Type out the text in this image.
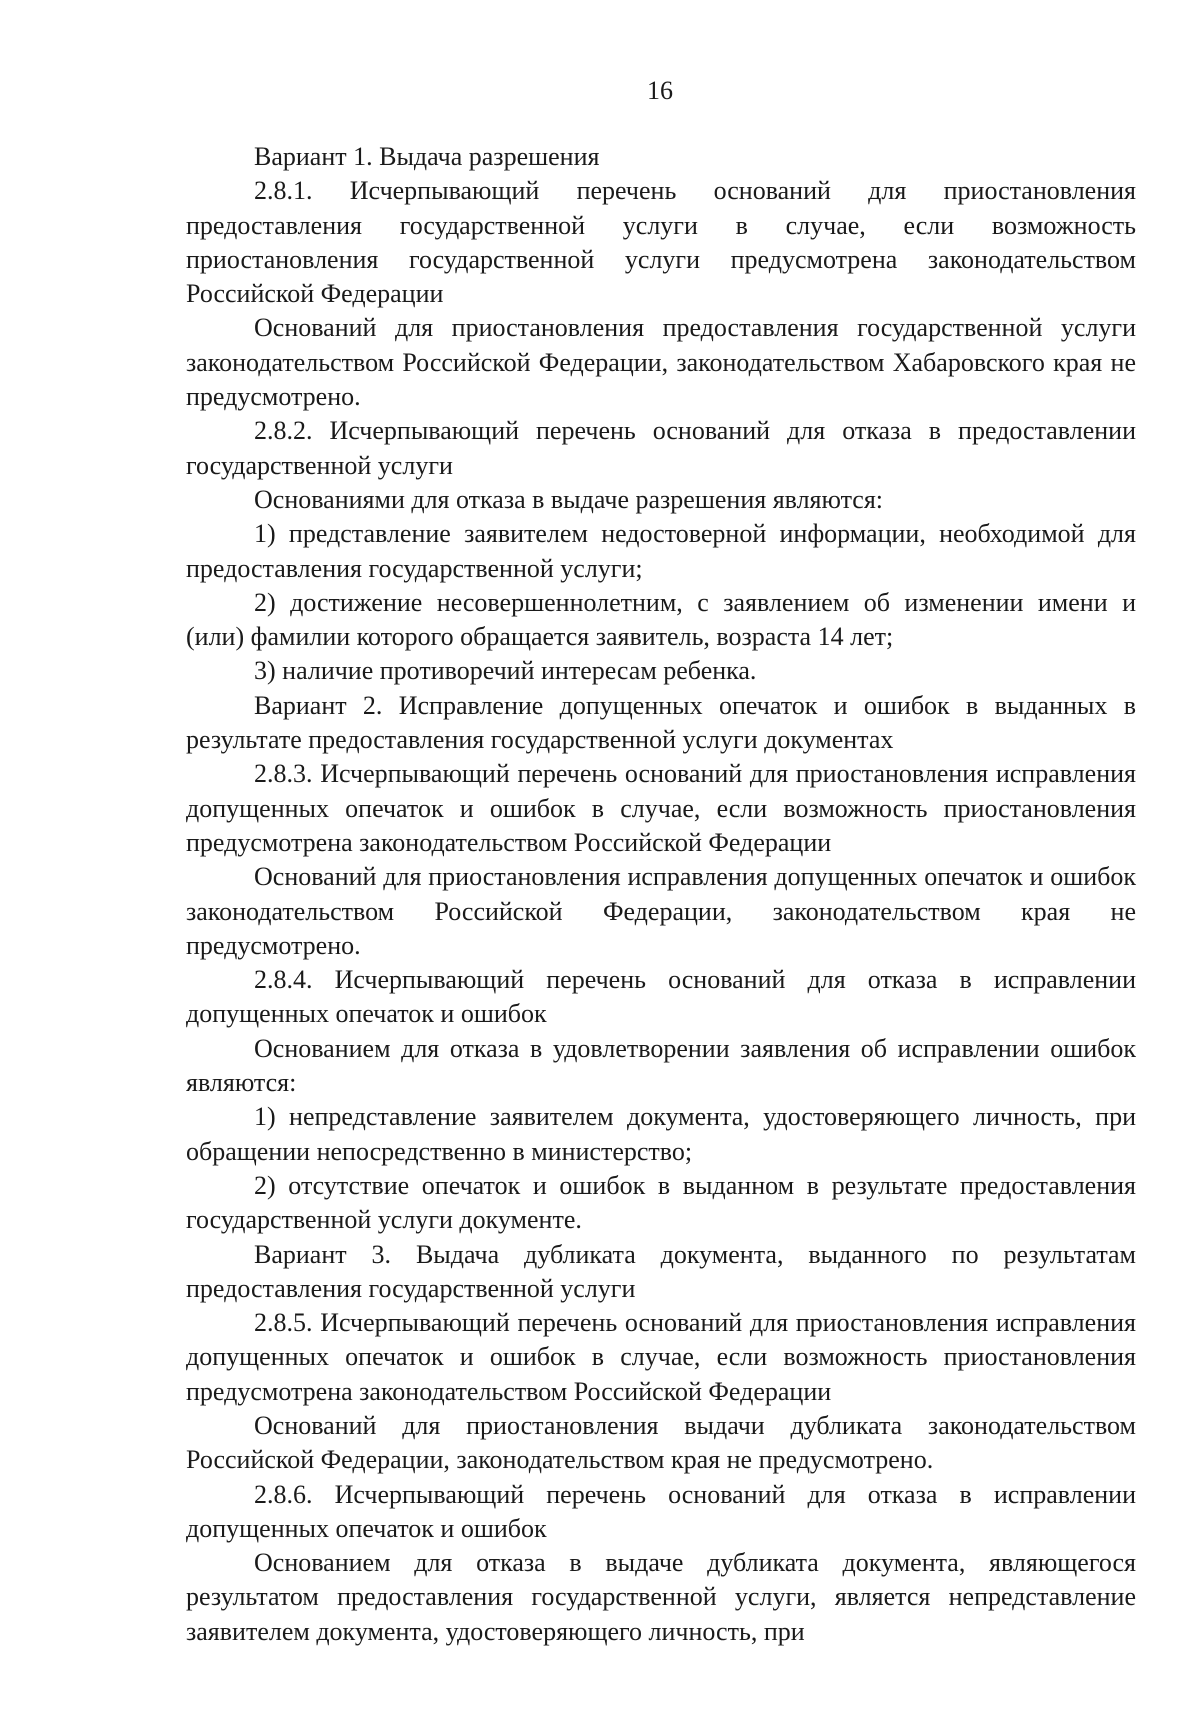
16

Вариант 1. Выдача разрешения

2.8.1. Исчерпывающий перечень оснований для приостановления предоставления государственной услуги в случае, если возможность приостановления государственной услуги предусмотрена законодательством Российской Федерации

Оснований для приостановления предоставления государственной услуги законодательством Российской Федерации, законодательством Хабаровского края не предусмотрено.

2.8.2. Исчерпывающий перечень оснований для отказа в предоставлении государственной услуги

Основаниями для отказа в выдаче разрешения являются:

1) представление заявителем недостоверной информации, необходимой для предоставления государственной услуги;

2) достижение несовершеннолетним, с заявлением об изменении имени и (или) фамилии которого обращается заявитель, возраста 14 лет;

3) наличие противоречий интересам ребенка.

Вариант 2. Исправление допущенных опечаток и ошибок в выданных в результате предоставления государственной услуги документах

2.8.3. Исчерпывающий перечень оснований для приостановления исправления допущенных опечаток и ошибок в случае, если возможность приостановления предусмотрена законодательством Российской Федерации

Оснований для приостановления исправления допущенных опечаток и ошибок законодательством Российской Федерации, законодательством края не предусмотрено.

2.8.4. Исчерпывающий перечень оснований для отказа в исправлении допущенных опечаток и ошибок

Основанием для отказа в удовлетворении заявления об исправлении ошибок являются:

1) непредставление заявителем документа, удостоверяющего личность, при обращении непосредственно в министерство;

2) отсутствие опечаток и ошибок в выданном в результате предоставления государственной услуги документе.

Вариант 3. Выдача дубликата документа, выданного по результатам предоставления государственной услуги

2.8.5. Исчерпывающий перечень оснований для приостановления исправления допущенных опечаток и ошибок в случае, если возможность приостановления предусмотрена законодательством Российской Федерации

Оснований для приостановления выдачи дубликата законодательством Российской Федерации, законодательством края не предусмотрено.

2.8.6. Исчерпывающий перечень оснований для отказа в исправлении допущенных опечаток и ошибок

Основанием для отказа в выдаче дубликата документа, являющегося результатом предоставления государственной услуги, является непредставление заявителем документа, удостоверяющего личность, при
